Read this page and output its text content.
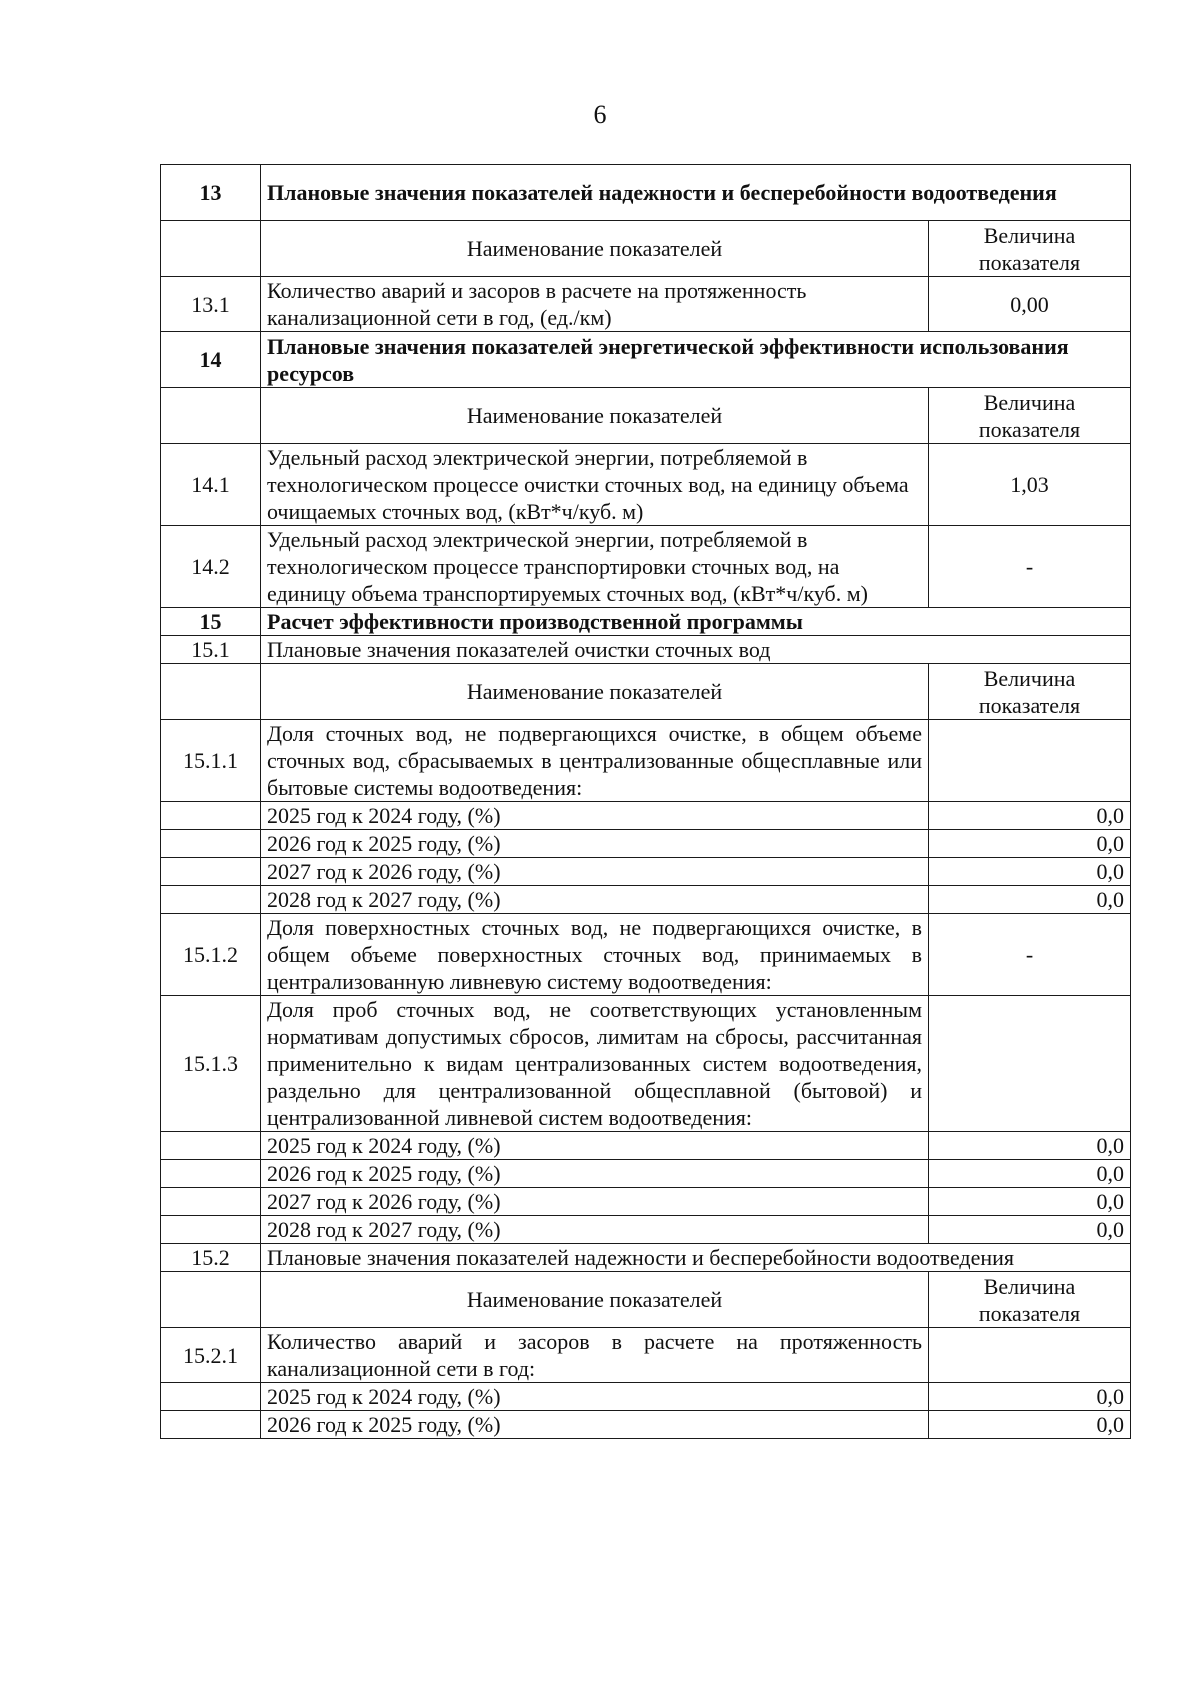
6
13	Плановые значения показателей надежности и бесперебойности водоотведения	
	Наименование показателей	Величина показателя
13.1	Количество аварий и засоров в расчете на протяженность канализационной сети в год, (ед./км)	0,00
14	Плановые значения показателей энергетической эффективности использования ресурсов	
	Наименование показателей	Величина показателя
14.1	Удельный расход электрической энергии, потребляемой в технологическом процессе очистки сточных вод, на единицу объема очищаемых сточных вод, (кВт*ч/куб. м)	1,03
14.2	Удельный расход электрической энергии, потребляемой в технологическом процессе транспортировки сточных вод, на единицу объема транспортируемых сточных вод, (кВт*ч/куб. м)	-
15	Расчет эффективности производственной программы	
15.1	Плановые значения показателей очистки сточных вод	
	Наименование показателей	Величина показателя
15.1.1	Доля сточных вод, не подвергающихся очистке, в общем объеме сточных вод, сбрасываемых в централизованные общесплавные или бытовые системы водоотведения:	
	2025 год к 2024 году, (%)	0,0
	2026 год к 2025 году, (%)	0,0
	2027 год к 2026 году, (%)	0,0
	2028 год к 2027 году, (%)	0,0
15.1.2	Доля поверхностных сточных вод, не подвергающихся очистке, в общем объеме поверхностных сточных вод, принимаемых в централизованную ливневую систему водоотведения:	-
15.1.3	Доля проб сточных вод, не соответствующих установленным нормативам допустимых сбросов, лимитам на сбросы, рассчитанная применительно к видам централизованных систем водоотведения, раздельно для централизованной общесплавной (бытовой) и централизованной ливневой систем водоотведения:	
	2025 год к 2024 году, (%)	0,0
	2026 год к 2025 году, (%)	0,0
	2027 год к 2026 году, (%)	0,0
	2028 год к 2027 году, (%)	0,0
15.2	Плановые значения показателей надежности и бесперебойности водоотведения	
	Наименование показателей	Величина показателя
15.2.1	Количество аварий и засоров в расчете на протяженность канализационной сети в год:	
	2025 год к 2024 году, (%)	0,0
	2026 год к 2025 году, (%)	0,0
